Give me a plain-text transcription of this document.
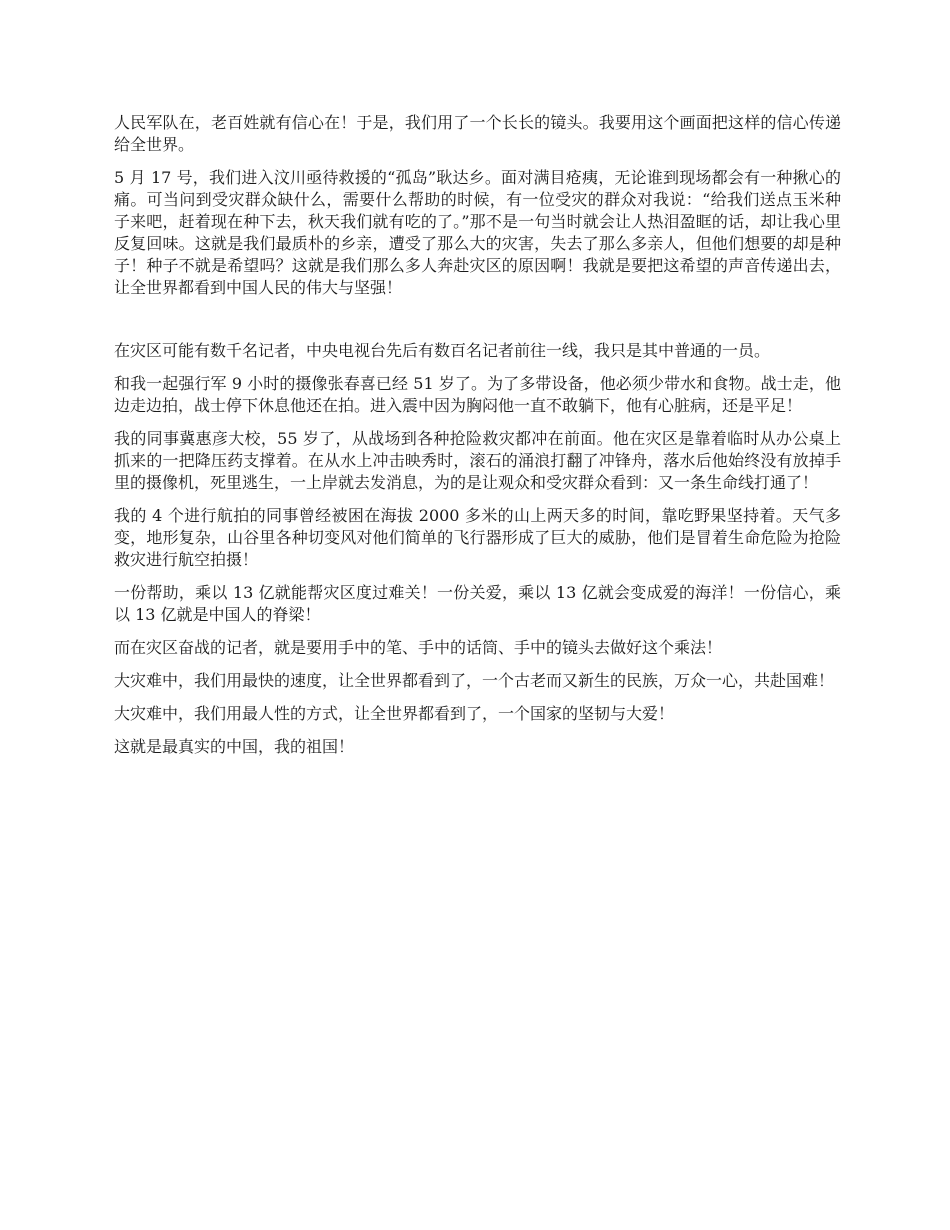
人民军队在，老百姓就有信心在！于是，我们用了一个长长的镜头。我要用这个画面把这样的信心传递给全世界。

5 月 17 号，我们进入汶川亟待救援的“孤岛”耿达乡。面对满目疮痍，无论谁到现场都会有一种揪心的痛。可当问到受灾群众缺什么，需要什么帮助的时候，有一位受灾的群众对我说：“给我们送点玉米种子来吧，赶着现在种下去，秋天我们就有吃的了。”那不是一句当时就会让人热泪盈眶的话，却让我心里反复回味。这就是我们最质朴的乡亲，遭受了那么大的灾害，失去了那么多亲人，但他们想要的却是种子！种子不就是希望吗？这就是我们那么多人奔赴灾区的原因啊！我就是要把这希望的声音传递出去，让全世界都看到中国人民的伟大与坚强！

在灾区可能有数千名记者，中央电视台先后有数百名记者前往一线，我只是其中普通的一员。

和我一起强行军 9 小时的摄像张春喜已经 51 岁了。为了多带设备，他必须少带水和食物。战士走，他边走边拍，战士停下休息他还在拍。进入震中因为胸闷他一直不敢躺下，他有心脏病，还是平足！

我的同事冀惠彦大校，55 岁了，从战场到各种抢险救灾都冲在前面。他在灾区是靠着临时从办公桌上抓来的一把降压药支撑着。在从水上冲击映秀时，滚石的涌浪打翻了冲锋舟，落水后他始终没有放掉手里的摄像机，死里逃生，一上岸就去发消息，为的是让观众和受灾群众看到：又一条生命线打通了！

我的 4 个进行航拍的同事曾经被困在海拔 2000 多米的山上两天多的时间，靠吃野果坚持着。天气多变，地形复杂，山谷里各种切变风对他们简单的飞行器形成了巨大的威胁，他们是冒着生命危险为抢险救灾进行航空拍摄！

一份帮助，乘以 13 亿就能帮灾区度过难关！一份关爱，乘以 13 亿就会变成爱的海洋！一份信心，乘以 13 亿就是中国人的脊梁！

而在灾区奋战的记者，就是要用手中的笔、手中的话筒、手中的镜头去做好这个乘法！

大灾难中，我们用最快的速度，让全世界都看到了，一个古老而又新生的民族，万众一心，共赴国难！

大灾难中，我们用最人性的方式，让全世界都看到了，一个国家的坚韧与大爱！

这就是最真实的中国，我的祖国！
